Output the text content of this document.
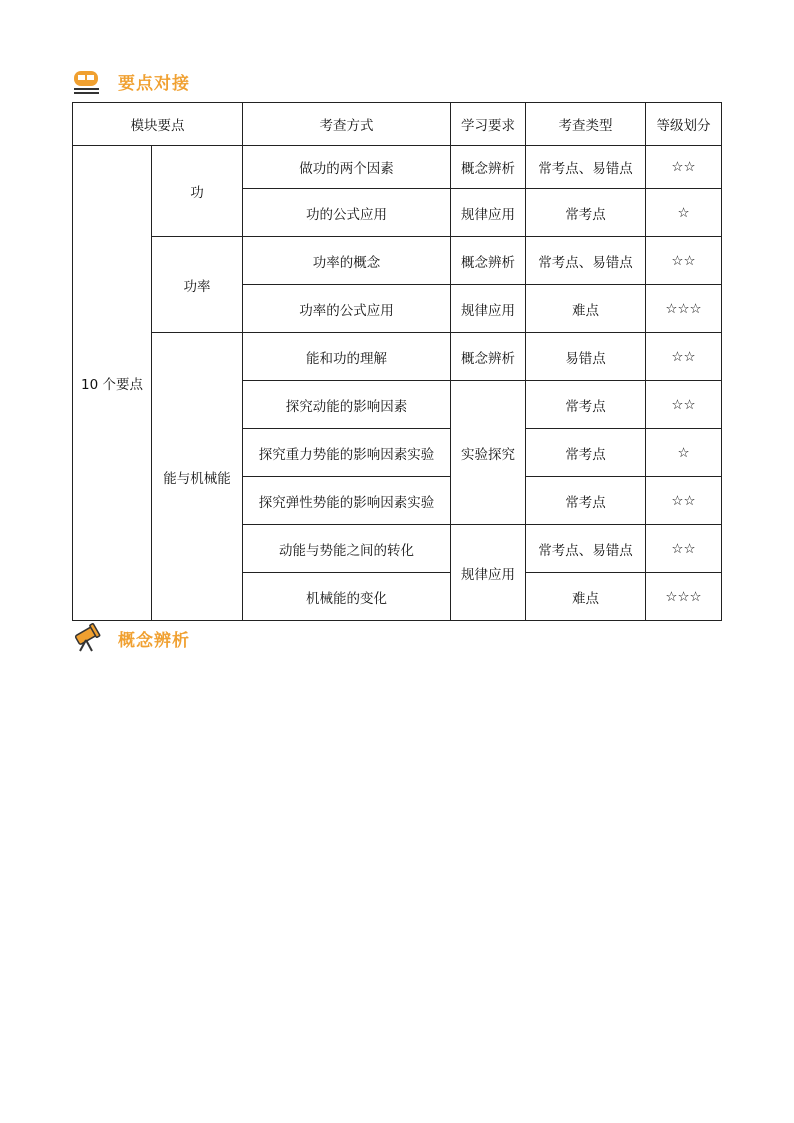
要点对接
模块要点		考查方式	学习要求	考查类型	等级划分
10 个要点	功	做功的两个因素	概念辨析	常考点、易错点	☆☆
		功的公式应用	规律应用	常考点	☆
	功率	功率的概念	概念辨析	常考点、易错点	☆☆
		功率的公式应用	规律应用	难点	☆☆☆
	能与机械能	能和功的理解	概念辨析	易错点	☆☆
		探究动能的影响因素	实验探究	常考点	☆☆
		探究重力势能的影响因素实验		常考点	☆
		探究弹性势能的影响因素实验		常考点	☆☆
		动能与势能之间的转化	规律应用	常考点、易错点	☆☆
		机械能的变化		难点	☆☆☆
概念辨析
